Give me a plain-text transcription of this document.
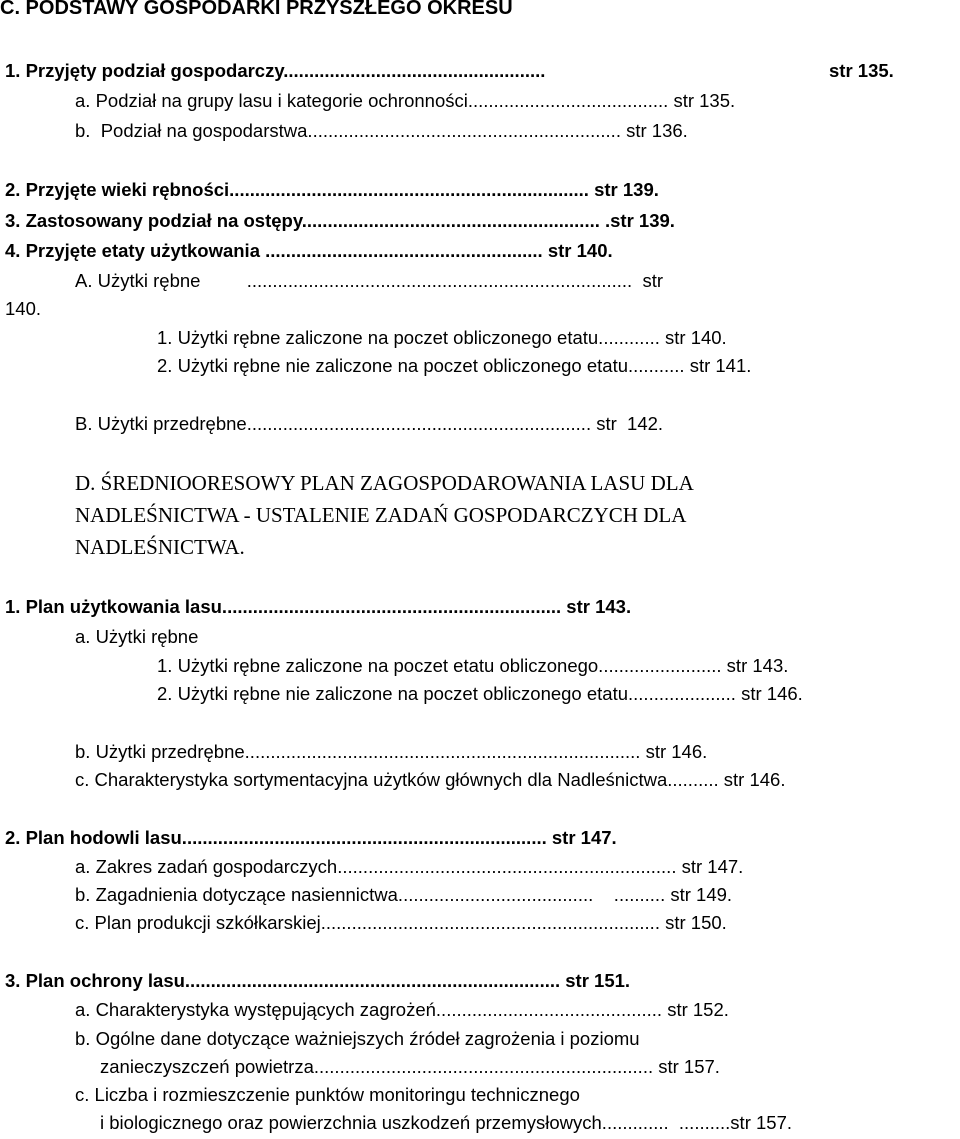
C. PODSTAWY GOSPODARKI PRZYSZŁEGO OKRESU
1. Przyjęty podział gospodarczy...................................................	str 135.
a. Podział na grupy lasu i kategorie ochronności....................................... str 135.
b.  Podział na gospodarstwa............................................................. str 136.
2. Przyjęte wieki rębności...................................................................... str 139.
3. Zastosowany podział na ostępy.......................................................... .str 139.
4. Przyjęte etaty użytkowania ...................................................... str 140.
A. Użytki rębne         ...........................................................................  str
140.
1. Użytki rębne zaliczone na poczet obliczonego etatu............ str 140.
2. Użytki rębne nie zaliczone na poczet obliczonego etatu........... str 141.
B. Użytki przedrębne................................................................... str  142.
D. ŚREDNIOORESOWY PLAN ZAGOSPODAROWANIA LASU DLA
NADLEŚNICTWA - USTALENIE ZADAŃ GOSPODARCZYCH DLA
NADLEŚNICTWA.
1. Plan użytkowania lasu.................................................................. str 143.
a. Użytki rębne
1. Użytki rębne zaliczone na poczet etatu obliczonego........................ str 143.
2. Użytki rębne nie zaliczone na poczet obliczonego etatu..................... str 146.
b. Użytki przedrębne............................................................................. str 146.
c. Charakterystyka sortymentacyjna użytków głównych dla Nadleśnictwa.......... str 146.
2. Plan hodowli lasu....................................................................... str 147.
a. Zakres zadań gospodarczych.................................................................. str 147.
b. Zagadnienia dotyczące nasiennictwa......................................    .......... str 149.
c. Plan produkcji szkółkarskiej.................................................................. str 150.
3. Plan ochrony lasu......................................................................... str 151.
a. Charakterystyka występujących zagrożeń............................................ str 152.
b. Ogólne dane dotyczące ważniejszych źródeł zagrożenia i poziomu
zanieczyszczeń powietrza.................................................................. str 157.
c. Liczba i rozmieszczenie punktów monitoringu technicznego
i biologicznego oraz powierzchnia uszkodzeń przemysłowych.............  ..........str 157.
